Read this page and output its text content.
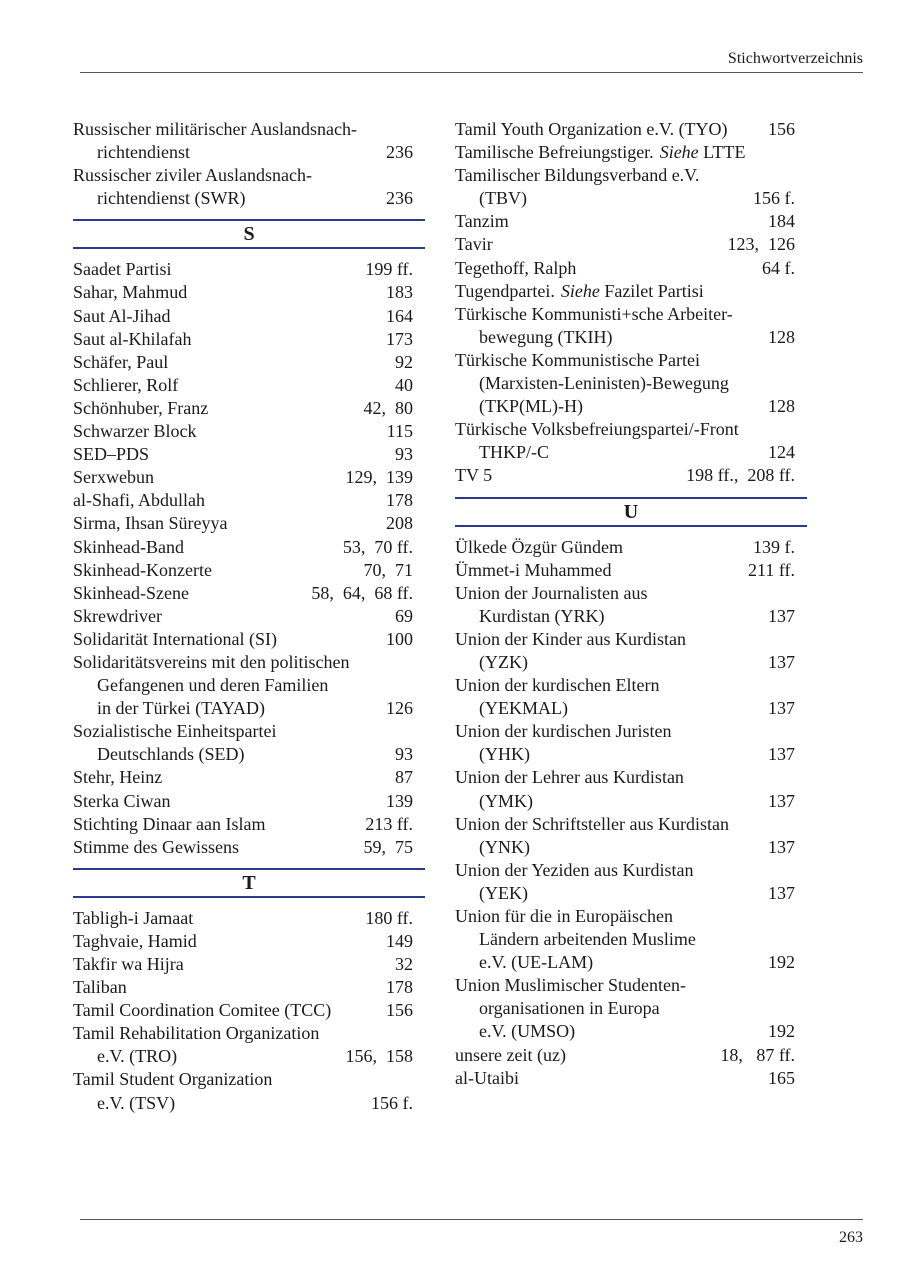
Stichwortverzeichnis
Russischer militärischer Auslandsnach-
richtendienst	236
Russischer ziviler Auslandsnach-
richtendienst (SWR)	236
S
Saadet Partisi	199 ff.
Sahar, Mahmud	183
Saut Al-Jihad	164
Saut al-Khilafah	173
Schäfer, Paul	92
Schlierer, Rolf	40
Schönhuber, Franz	42,  80
Schwarzer Block	115
SED–PDS	93
Serxwebun	129,  139
al-Shafi, Abdullah	178
Sirma, Ihsan Süreyya	208
Skinhead-Band	53,  70 ff.
Skinhead-Konzerte	70,  71
Skinhead-Szene	58,  64,  68 ff.
Skrewdriver	69
Solidarität International (SI)	100
Solidaritätsvereins mit den politischen
Gefangenen und deren Familien
in der Türkei (TAYAD)	126
Sozialistische Einheitspartei
Deutschlands (SED)	93
Stehr, Heinz	87
Sterka Ciwan	139
Stichting Dinaar aan Islam	213 ff.
Stimme des Gewissens	59,  75
T
Tabligh-i Jamaat	180 ff.
Taghvaie, Hamid	149
Takfir wa Hijra	32
Taliban	178
Tamil Coordination Comitee (TCC)	156
Tamil Rehabilitation Organization
e.V. (TRO)	156,  158
Tamil Student Organization
e.V. (TSV)	156 f.
Tamil Youth Organization e.V. (TYO)	156
Tamilische Befreiungstiger. Siehe LTTE
Tamilischer Bildungsverband e.V.
(TBV)	156 f.
Tanzim	184
Tavir	123,  126
Tegethoff, Ralph	64 f.
Tugendpartei. Siehe Fazilet Partisi
Türkische Kommunisti+sche Arbeiter-
bewegung (TKIH)	128
Türkische Kommunistische Partei
(Marxisten-Leninisten)-Bewegung
(TKP(ML)-H)	128
Türkische Volksbefreiungspartei/-Front
THKP/-C	124
TV 5	198 ff.,  208 ff.
U
Ülkede Özgür Gündem	139 f.
Ümmet-i Muhammed	211 ff.
Union der Journalisten aus
Kurdistan (YRK)	137
Union der Kinder aus Kurdistan
(YZK)	137
Union der kurdischen Eltern
(YEKMAL)	137
Union der kurdischen Juristen
(YHK)	137
Union der Lehrer aus Kurdistan
(YMK)	137
Union der Schriftsteller aus Kurdistan
(YNK)	137
Union der Yeziden aus Kurdistan
(YEK)	137
Union für die in Europäischen
Ländern arbeitenden Muslime
e.V. (UE-LAM)	192
Union Muslimischer Studenten-
organisationen in Europa
e.V. (UMSO)	192
unsere zeit (uz)	18,   87 ff.
al-Utaibi	165
263
